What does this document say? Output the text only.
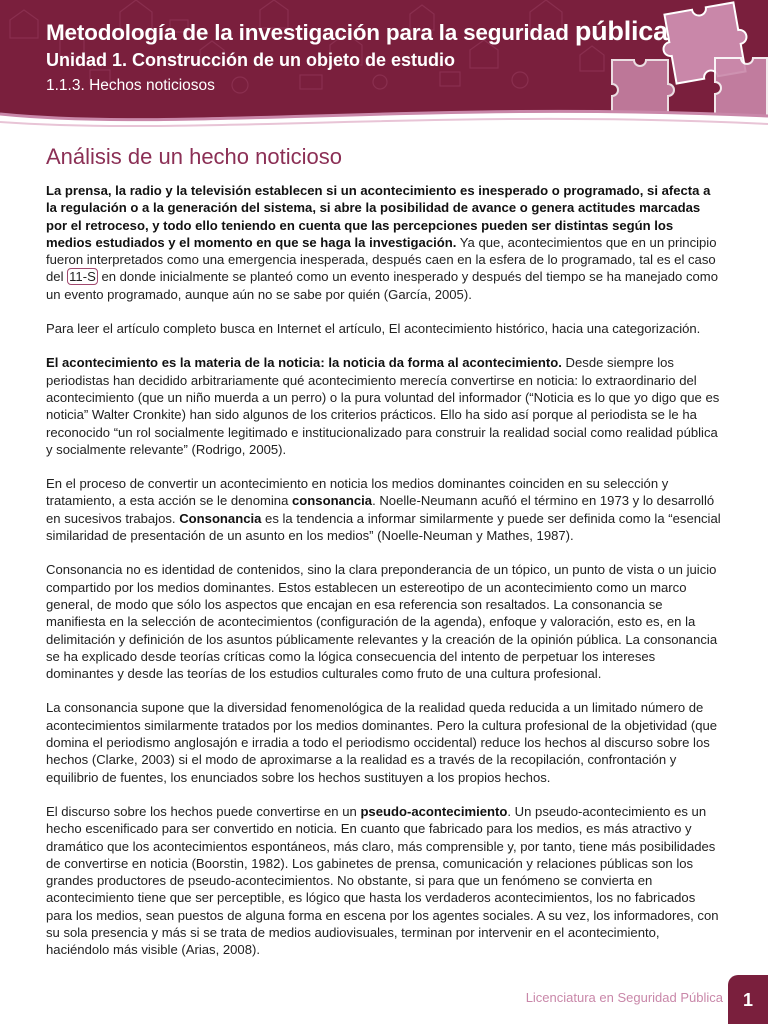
Metodología de la investigación para la seguridad pública
Unidad 1. Construcción de un objeto de estudio
1.1.3. Hechos noticiosos
Análisis de un hecho noticioso

La prensa, la radio y la televisión establecen si un acontecimiento es inesperado o programado, si afecta a la regulación o a la generación del sistema, si abre la posibilidad de avance o genera actitudes marcadas por el retroceso, y todo ello teniendo en cuenta que las percepciones pueden ser distintas según los medios estudiados y el momento en que se haga la investigación. Ya que, acontecimientos que en un principio fueron interpretados como una emergencia inesperada, después caen en la esfera de lo programado, tal es el caso del 11-S en donde inicialmente se planteó como un evento inesperado y después del tiempo se ha manejado como un evento programado, aunque aún no se sabe por quién (García, 2005).

Para leer el artículo completo busca en Internet el artículo, El acontecimiento histórico, hacia una categorización.

El acontecimiento es la materia de la noticia: la noticia da forma al acontecimiento. Desde siempre los periodistas han decidido arbitrariamente qué acontecimiento merecía convertirse en noticia: lo extraordinario del acontecimiento (que un niño muerda a un perro) o la pura voluntad del informador (“Noticia es lo que yo digo que es noticia” Walter Cronkite) han sido algunos de los criterios prácticos. Ello ha sido así porque al periodista se le ha reconocido “un rol socialmente legitimado e institucionalizado para construir la realidad social como realidad pública y socialmente relevante” (Rodrigo, 2005).

En el proceso de convertir un acontecimiento en noticia los medios dominantes coinciden en su selección y tratamiento, a esta acción se le denomina consonancia. Noelle-Neumann acuñó el término en 1973 y lo desarrolló en sucesivos trabajos. Consonancia es la tendencia a informar similarmente y puede ser definida como la “esencial similaridad de presentación de un asunto en los medios” (Noelle-Neuman y Mathes, 1987).

Consonancia no es identidad de contenidos, sino la clara preponderancia de un tópico, un punto de vista o un juicio compartido por los medios dominantes. Estos establecen un estereotipo de un acontecimiento como un marco general, de modo que sólo los aspectos que encajan en esa referencia son resaltados. La consonancia se manifiesta en la selección de acontecimientos (configuración de la agenda), enfoque y valoración, esto es, en la delimitación y definición de los asuntos públicamente relevantes y la creación de la opinión pública. La consonancia se ha explicado desde teorías críticas como la lógica consecuencia del intento de perpetuar los intereses dominantes y desde las teorías de los estudios culturales como fruto de una cultura profesional.

La consonancia supone que la diversidad fenomenológica de la realidad queda reducida a un limitado número de acontecimientos similarmente tratados por los medios dominantes. Pero la cultura profesional de la objetividad (que domina el periodismo anglosajón e irradia a todo el periodismo occidental) reduce los hechos al discurso sobre los hechos (Clarke, 2003) si el modo de aproximarse a la realidad es a través de la recopilación, confrontación y equilibrio de fuentes, los enunciados sobre los hechos sustituyen a los propios hechos.

El discurso sobre los hechos puede convertirse en un pseudo-acontecimiento. Un pseudo-acontecimiento es un hecho escenificado para ser convertido en noticia. En cuanto que fabricado para los medios, es más atractivo y dramático que los acontecimientos espontáneos, más claro, más comprensible y, por tanto, tiene más posibilidades de convertirse en noticia (Boorstin, 1982). Los gabinetes de prensa, comunicación y relaciones públicas son los grandes productores de pseudo-acontecimientos. No obstante, si para que un fenómeno se convierta en acontecimiento tiene que ser perceptible, es lógico que hasta los verdaderos acontecimientos, los no fabricados para los medios, sean puestos de alguna forma en escena por los agentes sociales. A su vez, los informadores, con su sola presencia y más si se trata de medios audiovisuales, terminan por intervenir en el acontecimiento, haciéndolo más visible (Arias, 2008).

Licenciatura en Seguridad Pública	1
